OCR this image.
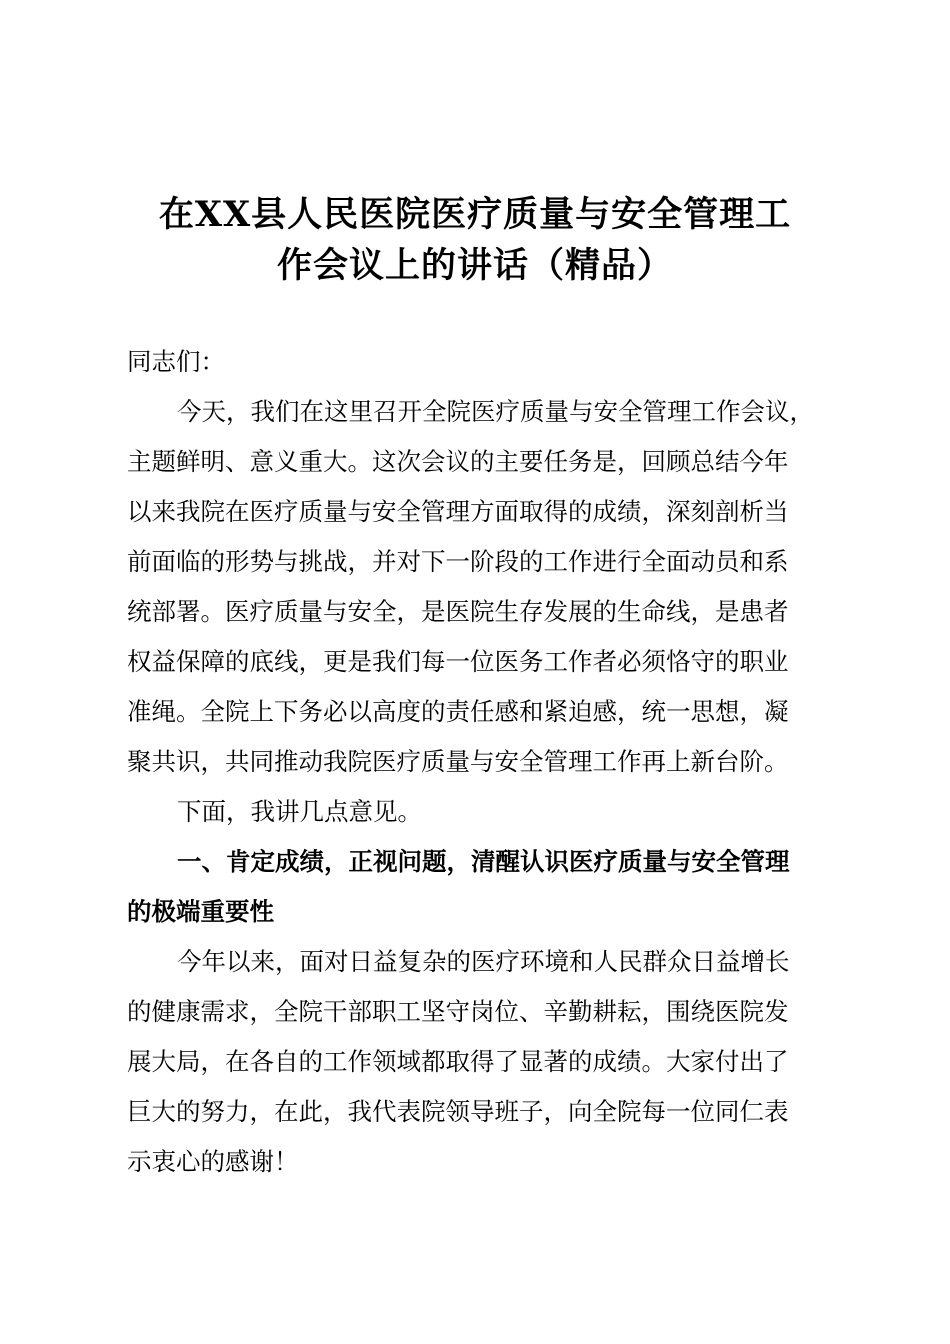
在XX县人民医院医疗质量与安全管理工
作会议上的讲话（精品）
同志们：
今天，我们在这里召开全院医疗质量与安全管理工作会议，
主题鲜明、意义重大。这次会议的主要任务是，回顾总结今年
以来我院在医疗质量与安全管理方面取得的成绩，深刻剖析当
前面临的形势与挑战，并对下一阶段的工作进行全面动员和系
统部署。医疗质量与安全，是医院生存发展的生命线，是患者
权益保障的底线，更是我们每一位医务工作者必须恪守的职业
准绳。全院上下务必以高度的责任感和紧迫感，统一思想，凝
聚共识，共同推动我院医疗质量与安全管理工作再上新台阶。
下面，我讲几点意见。
一、肯定成绩，正视问题，清醒认识医疗质量与安全管理
的极端重要性
今年以来，面对日益复杂的医疗环境和人民群众日益增长
的健康需求，全院干部职工坚守岗位、辛勤耕耘，围绕医院发
展大局，在各自的工作领域都取得了显著的成绩。大家付出了
巨大的努力，在此，我代表院领导班子，向全院每一位同仁表
示衷心的感谢！
